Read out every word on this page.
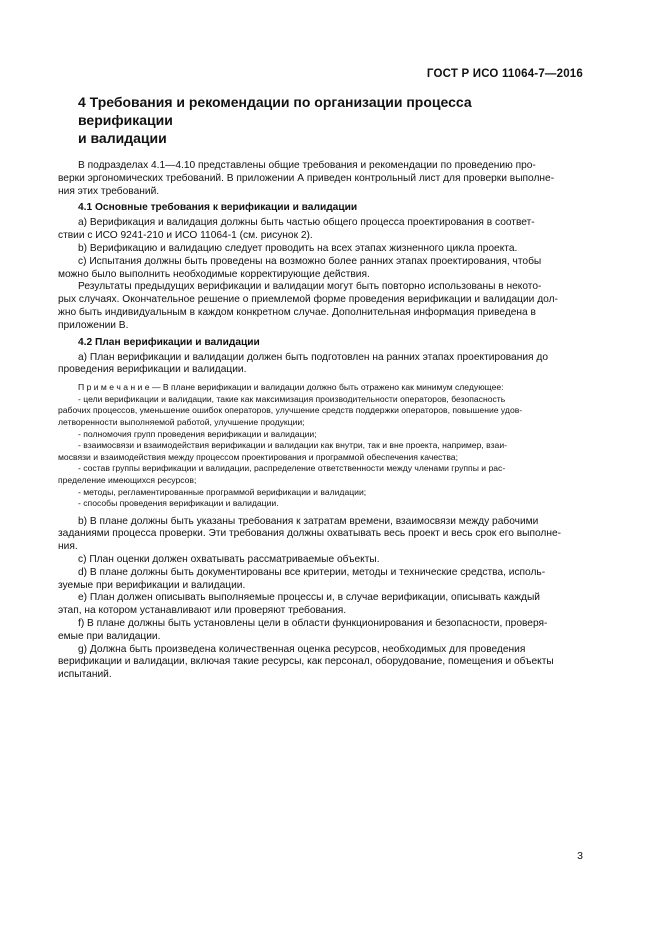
ГОСТ Р ИСО 11064-7—2016
4 Требования и рекомендации по организации процесса верификации
и валидации
В подразделах 4.1—4.10 представлены общие требования и рекомендации по проведению про-
верки эргономических требований. В приложении А приведен контрольный лист для проверки выполне-
ния этих требований.
4.1 Основные требования к верификации и валидации
a) Верификация и валидация должны быть частью общего процесса проектирования в соответ-
ствии с ИСО 9241-210 и ИСО 11064-1 (см. рисунок 2).
b) Верификацию и валидацию следует проводить на всех этапах жизненного цикла проекта.
c) Испытания должны быть проведены на возможно более ранних этапах проектирования, чтобы
можно было выполнить необходимые корректирующие действия.
Результаты предыдущих верификации и валидации могут быть повторно использованы в некото-
рых случаях. Окончательное решение о приемлемой форме проведения верификации и валидации дол-
жно быть индивидуальным в каждом конкретном случае. Дополнительная информация приведена в
приложении В.
4.2 План верификации и валидации
a) План верификации и валидации должен быть подготовлен на ранних этапах проектирования до
проведения верификации и валидации.
П р и м е ч а н и е — В плане верификации и валидации должно быть отражено как минимум следующее:
- цели верификации и валидации, такие как максимизация производительности операторов, безопасность
рабочих процессов, уменьшение ошибок операторов, улучшение средств поддержки операторов, повышение удов-
летворенности выполняемой работой, улучшение продукции;
- полномочия групп проведения верификации и валидации;
- взаимосвязи и взаимодействия верификации и валидации как внутри, так и вне проекта, например, взаи-
мосвязи и взаимодействия между процессом проектирования и программой обеспечения качества;
- состав группы верификации и валидации, распределение ответственности между членами группы и рас-
пределение имеющихся ресурсов;
- методы, регламентированные программой верификации и валидации;
- способы проведения верификации и валидации.
b) В плане должны быть указаны требования к затратам времени, взаимосвязи между рабочими
заданиями процесса проверки. Эти требования должны охватывать весь проект и весь срок его выполне-
ния.
c) План оценки должен охватывать рассматриваемые объекты.
d) В плане должны быть документированы все критерии, методы и технические средства, исполь-
зуемые при верификации и валидации.
e) План должен описывать выполняемые процессы и, в случае верификации, описывать каждый
этап, на котором устанавливают или проверяют требования.
f) В плане должны быть установлены цели в области функционирования и безопасности, проверя-
емые при валидации.
g) Должна быть произведена количественная оценка ресурсов, необходимых для проведения
верификации и валидации, включая такие ресурсы, как персонал, оборудование, помещения и объекты
испытаний.
3
